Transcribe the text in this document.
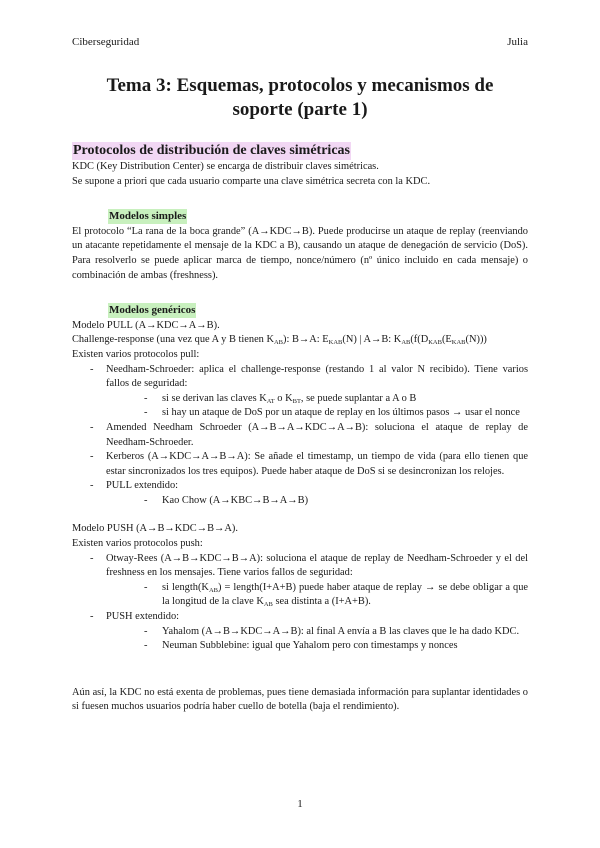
Ciberseguridad	Julia
Tema 3: Esquemas, protocolos y mecanismos de
soporte (parte 1)
Protocolos de distribución de claves simétricas

KDC (Key Distribution Center) se encarga de distribuir claves simétricas.

Se supone a priori que cada usuario comparte una clave simétrica secreta con la KDC.

Modelos simples

El protocolo “La rana de la boca grande” (A→KDC→B). Puede producirse un ataque de replay (reenviando un atacante repetidamente el mensaje de la KDC a B), causando un ataque de denegación de servicio (DoS). Para resolverlo se puede aplicar marca de tiempo, nonce/número (nº único incluido en cada mensaje) o combinación de ambas (freshness).

Modelos genéricos

Modelo PULL (A→KDC→A→B).

Challenge-response (una vez que A y B tienen $K_{AB}$): B→A: $E_{KAB}(N)$ | A→B: $K_{AB}(f(D_{KAB}(E_{KAB}(N)))$

Existen varios protocolos pull:

- Needham-Schroeder: aplica el challenge-response (restando 1 al valor N recibido). Tiene varios fallos de seguridad:
- si se derivan las claves $K_{AT}$ o $K_{BT}$, se puede suplantar a A o B
- si hay un ataque de DoS por un ataque de replay en los últimos pasos → usar el nonce
- Amended Needham Schroeder (A→B→A→KDC→A→B): soluciona el ataque de replay de Needham-Schroeder.
- Kerberos (A→KDC→A→B→A): Se añade el timestamp, un tiempo de vida (para ello tienen que estar sincronizados los tres equipos). Puede haber ataque de DoS si se desincronizan los relojes.
- PULL extendido:
- Kao Chow (A→KBC→B→A→B)

Modelo PUSH (A→B→KDC→B→A).

Existen varios protocolos push:

- Otway-Rees (A→B→KDC→B→A): soluciona el ataque de replay de Needham-Schroeder y el del freshness en los mensajes. Tiene varios fallos de seguridad:
- si $length(K_{AB})$ = length(I+A+B) puede haber ataque de replay → se debe obligar a que la longitud de la clave $K_{AB}$ sea distinta a (I+A+B).
- PUSH extendido:
- Yahalom (A→B→KDC→A→B): al final A envía a B las claves que le ha dado KDC.
- Neuman Subblebine: igual que Yahalom pero con timestamps y nonces

Aún así, la KDC no está exenta de problemas, pues tiene demasiada información para suplantar identidades o si fuesen muchos usuarios podría haber cuello de botella (baja el rendimiento).

1
